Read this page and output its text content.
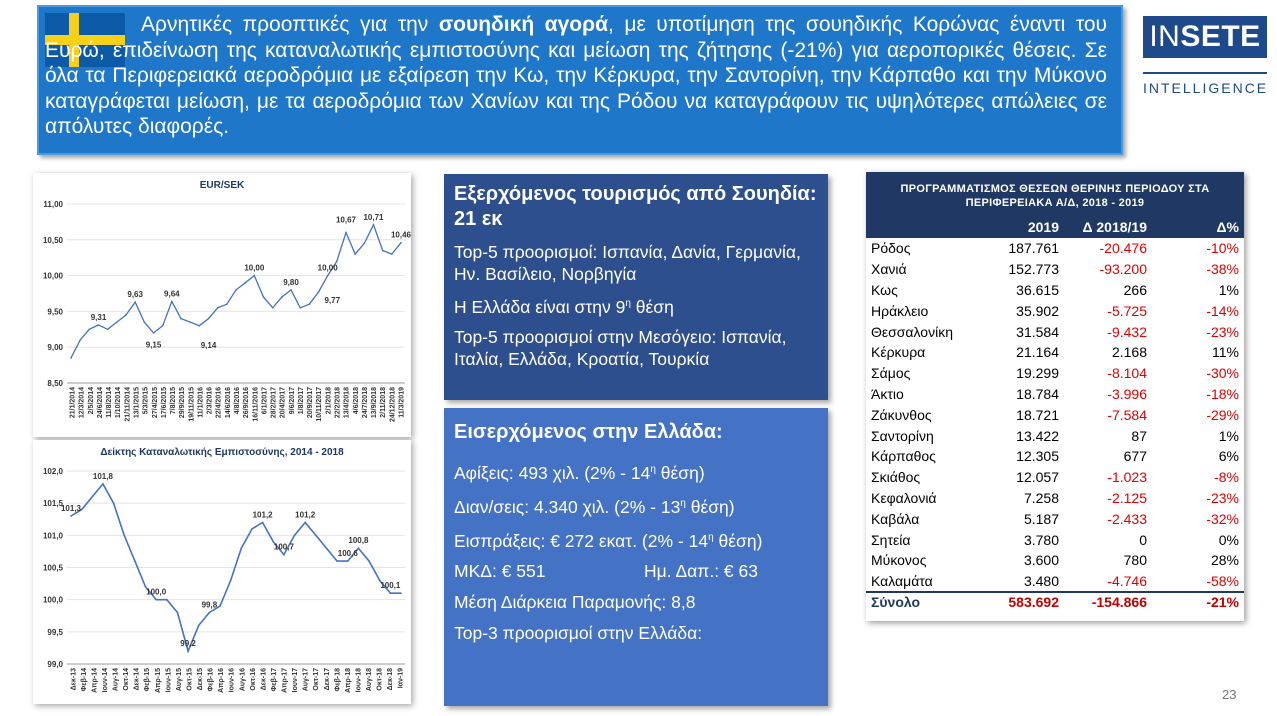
Αρνητικές προοπτικές για την σουηδική αγορά, με υποτίμηση της σουηδικής Κορώνας έναντι του Ευρώ, επιδείνωση της καταναλωτικής εμπιστοσύνης και μείωση της ζήτησης (-21%) για αεροπορικές θέσεις. Σε όλα τα Περιφερειακά αεροδρόμια με εξαίρεση την Κω, την Κέρκυρα, την Σαντορίνη, την Κάρπαθο και την Μύκονο καταγράφεται μείωση, με τα αεροδρόμια των Χανίων και της Ρόδου να καταγράφουν τις υψηλότερες απώλειες σε απόλυτες διαφορές.
INSETE
INTELLIGENCE
EUR/SEK
11,00
10,50
10,00
9,50
9,00
8,50
21/1/2014 12/3/2014 2/5/2014 24/6/2014 11/8/2014 1/10/2014 21/11/2014 13/1/2015 5/3/2015 27/4/2015 17/6/2015 7/8/2015 29/9/2015 19/11/2015 11/1/2016 2/3/2016 22/4/2016 14/6/2016 4/8/2016 26/9/2016 16/11/2016 6/1/2017 28/2/2017 20/4/2017 9/6/2017 1/8/2017 20/9/2017 10/11/2017 2/1/2018 22/2/2018 13/4/2018 4/6/2018 24/7/2018 13/9/2018 2/11/2018 24/12/2018 11/3/2019
9,31
9,63
9,15
9,64
9,14
10,00
9,80
10,00
9,77
10,67 10,71
10,46
Δείκτης Καταναλωτικής Εμπιστοσύνης, 2014 - 2018
102,0
101,5
101,0
100,5
100,0
99,5
99,0
Δεκ-13 Φεβ-14 Απρ-14 Ιουν-14 Αυγ-14 Οκτ-14 Δεκ-14 Φεβ-15 Απρ-15 Ιουν-15 Αυγ-15 Οκτ-15 Δεκ-15 Φεβ-16 Απρ-16 Ιουν-16 Αυγ-16 Οκτ-16 Δεκ-16 Φεβ-17 Απρ-17 Ιουν-17 Αυγ-17 Οκτ-17 Δεκ-17 Φεβ-18 Απρ-18 Ιουν-18 Αυγ-18 Οκτ-18 Δεκ-18 Ιαν-19
101,3
101,8
100,0
99,2
99,8
101,2
100,7
101,2
100,6
100,8
100,1
Εξερχόμενος τουρισμός από Σουηδία: 21 εκ

Top-5 προορισμοί: Ισπανία, Δανία, Γερμανία, Ην. Βασίλειο, Νορβηγία

Η Ελλάδα είναι στην $9^\eta$ θέση

Top-5 προορισμοί στην Μεσόγειο: Ισπανία, Ιταλία, Ελλάδα, Κροατία, Τουρκία

Εισερχόμενος στην Ελλάδα:

Αφίξεις: 493 χιλ. ($2\% - 14^\eta$ θέση)

Διαν/σεις: 4.340 χιλ. ($2\% - 13^\eta$ θέση)

Εισπράξεις: € 272 εκατ. ($2\% - 14^\eta$ θέση)

ΜΚΔ: € 551	Ημ. Δαπ.: € 63

Μέση Διάρκεια Παραμονής: 8,8

Top-3 προορισμοί στην Ελλάδα:

ΠΡΟΓΡΑΜΜΑΤΙΣΜΟΣ ΘΕΣΕΩΝ ΘΕΡΙΝΗΣ ΠΕΡΙΟΔΟΥ ΣΤΑ ΠΕΡΙΦΕΡΕΙΑΚΑ Α/Δ, 2018 - 2019
	2019	Δ 2018/19	Δ%
Ρόδος	187.761	-20.476	-10%
Χανιά	152.773	-93.200	-38%
Κως	36.615	266	1%
Ηράκλειο	35.902	-5.725	-14%
Θεσσαλονίκη	31.584	-9.432	-23%
Κέρκυρα	21.164	2.168	11%
Σάμος	19.299	-8.104	-30%
Άκτιο	18.784	-3.996	-18%
Ζάκυνθος	18.721	-7.584	-29%
Σαντορίνη	13.422	87	1%
Κάρπαθος	12.305	677	6%
Σκιάθος	12.057	-1.023	-8%
Κεφαλονιά	7.258	-2.125	-23%
Καβάλα	5.187	-2.433	-32%
Σητεία	3.780	0	0%
Μύκονος	3.600	780	28%
Καλαμάτα	3.480	-4.746	-58%
Σύνολο	583.692	-154.866	-21%
23
